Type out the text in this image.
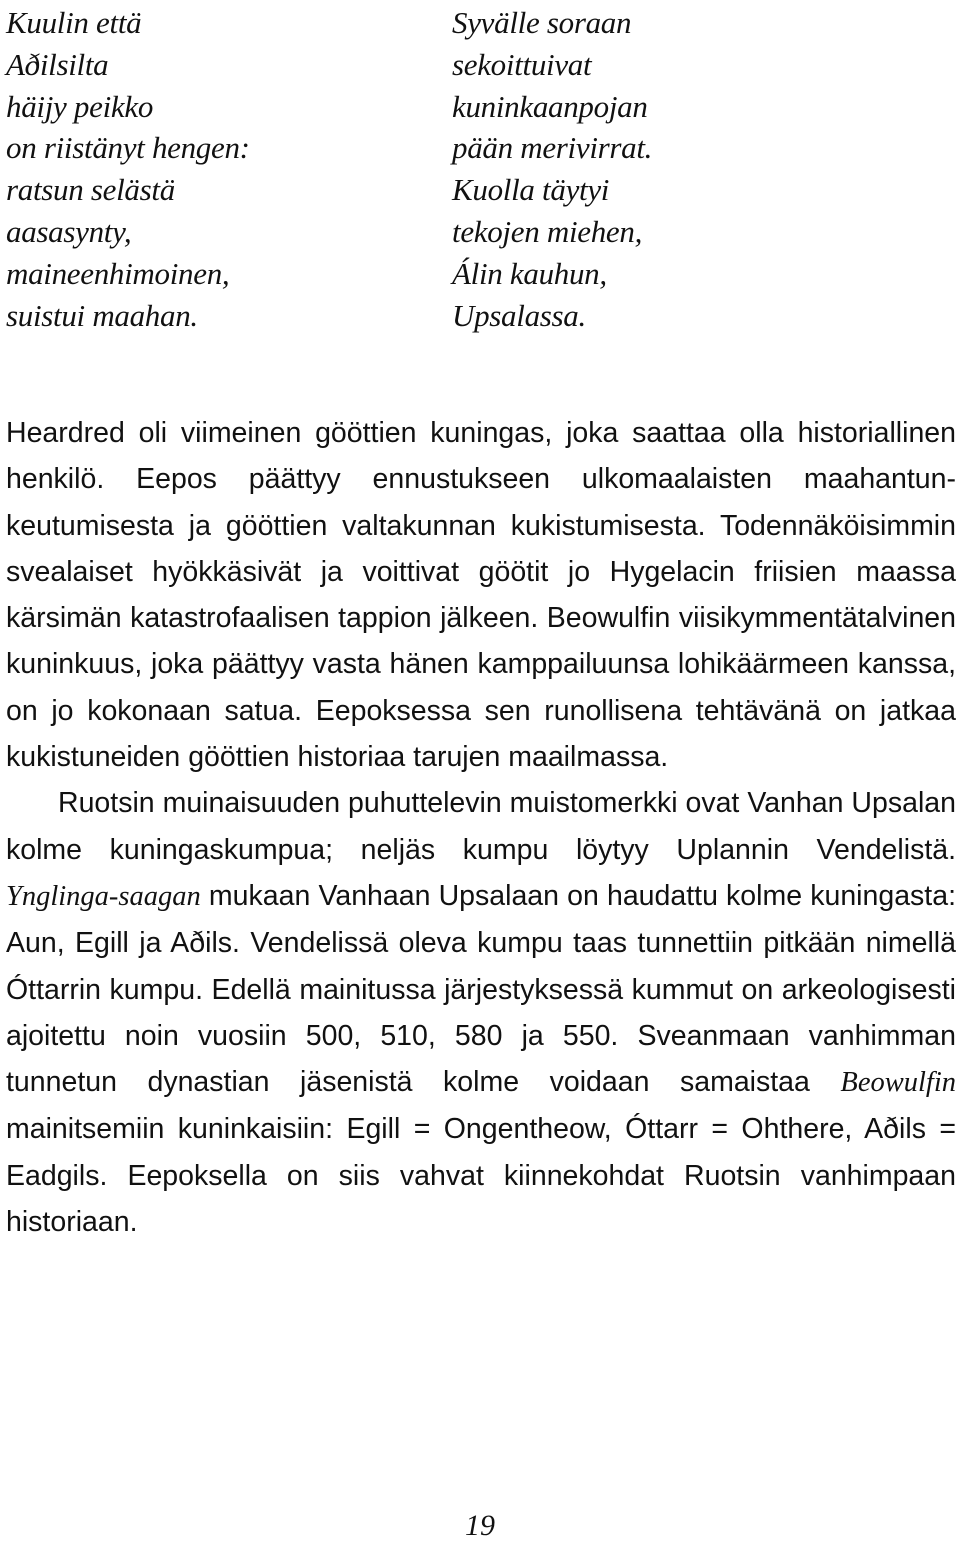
Kuulin että
Aðilsilta
häijy peikko
on riistänyt hengen:
ratsun selästä
aasasynty,
maineenhimoinen,
suistui maahan.
Syvälle soraan
sekoittuivat
kuninkaanpojan
pään merivirrat.
Kuolla täytyi
tekojen miehen,
Álin kauhun,
Upsalassa.

Heardred oli viimeinen gööttien kuningas, joka saattaa olla historiallinen henkilö. Eepos päättyy ennustukseen ulkomaalaisten maahantunkeutumisesta ja gööttien valtakunnan kukistumisesta. Todennäköisimmin svealaiset hyökkäsivät ja voittivat göötit jo Hygelacin friisien maassa kärsimän katastrofaalisen tappion jälkeen. Beowulfin viisikymmentätalvinen kuninkuus, joka päättyy vasta hänen kamppailuunsa lohikäärmeen kanssa, on jo kokonaan satua. Eepoksessa sen runollisena tehtävänä on jatkaa kukistuneiden gööttien historiaa tarujen maailmassa.

Ruotsin muinaisuuden puhuttelevin muistomerkki ovat Vanhan Upsalan kolme kuningaskumpua; neljäs kumpu löytyy Uplannin Vendelistä. Ynglinga-saagan mukaan Vanhaan Upsalaan on haudattu kolme kuningasta: Aun, Egill ja Aðils. Vendelissä oleva kumpu taas tunnettiin pitkään nimellä Óttarrin kumpu. Edellä mainitussa järjestyksessä kummut on arkeologisesti ajoitettu noin vuosiin 500, 510, 580 ja 550. Sveanmaan vanhimman tunnetun dynastian jäsenistä kolme voidaan samaistaa Beowulfin mainitsemiin kuninkaisiin: Egill = Ongentheow, Óttarr = Ohthere, Aðils = Eadgils. Eepoksella on siis vahvat kiinnekohdat Ruotsin vanhimpaan historiaan.

19
